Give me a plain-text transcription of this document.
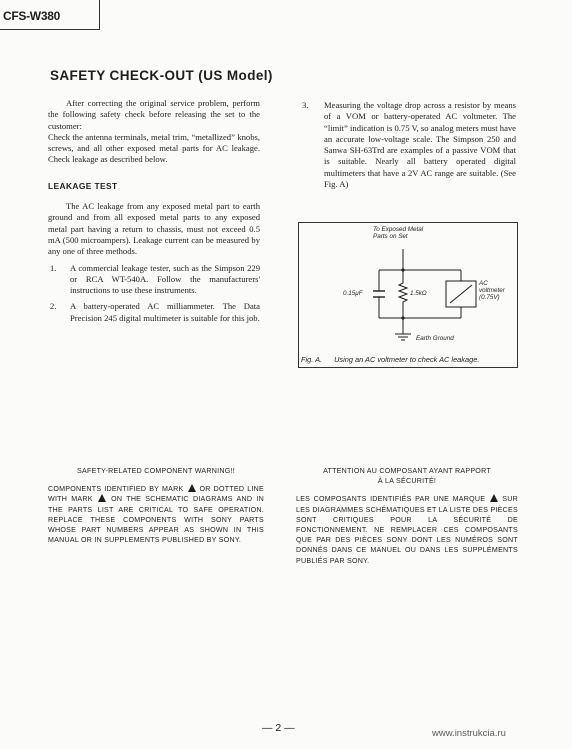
CFS-W380
SAFETY CHECK-OUT (US Model)

After correcting the original service problem, perform the following safety check before releasing the set to the customer:

Check the antenna terminals, metal trim, “metallized” knobs, screws, and all other exposed metal parts for AC leakage. Check leakage as described below.

LEAKAGE TEST

The AC leakage from any exposed metal part to earth ground and from all exposed metal parts to any exposed metal part having a return to chassis, must not exceed 0.5 mA (500 microampers). Leakage current can be measured by any one of three methods.

1.	A commercial leakage tester, such as the Simpson 229 or RCA WT-540A. Follow the manufacturers' instructions to use these instruments.
2.	A battery-operated AC milliammeter. The Data Precision 245 digital multimeter is suitable for this job.
3.	Measuring the voltage drop across a resistor by means of a VOM or battery-operated AC voltmeter. The “limit” indication is 0.75 V, so analog meters must have an accurate low-voltage scale. The Simpson 250 and Sanwa SH-63Trd are examples of a passive VOM that is suitable. Nearly all battery operated digital multimeters that have a 2V AC range are suitable. (See Fig. A)
To Exposed Metal
Parts on Set
0.15μF	1.5kΩ
AC
voltmeter
(0.75V)
Earth Ground
Fig. A. Using an AC voltmeter to check AC leakage.
SAFETY-RELATED COMPONENT WARNING!!
COMPONENTS IDENTIFIED BY MARK OR DOTTED LINE WITH MARK	ON THE SCHEMATIC DIAGRAMS AND IN THE PARTS LIST ARE CRITICAL TO SAFE OPERATION. REPLACE THESE COMPONENTS WITH SONY PARTS WHOSE PART NUMBERS APPEAR AS SHOWN IN THIS MANUAL OR IN SUPPLEMENTS PUBLISHED BY SONY.
ATTENTION AU COMPOSANT AYANT RAPPORT
À LA SÉCURITÉ!
LES COMPOSANTS IDENTIFIÉS PAR UNE MARQUE SUR LES DIAGRAMMES SCHÉMATIQUES ET LA LISTE DES PIÈCES SONT CRITIQUES POUR LA SÉCURITÉ DE FONCTIONNEMENT. NE REMPLACER CES COMPOSANTS QUE PAR DES PIÈCES SONY DONT LES NUMÉROS SONT DONNÉS DANS CE MANUEL OU DANS LES SUPPLÉMENTS PUBLIÉS PAR SONY.
— 2 —	www.instrukcia.ru
